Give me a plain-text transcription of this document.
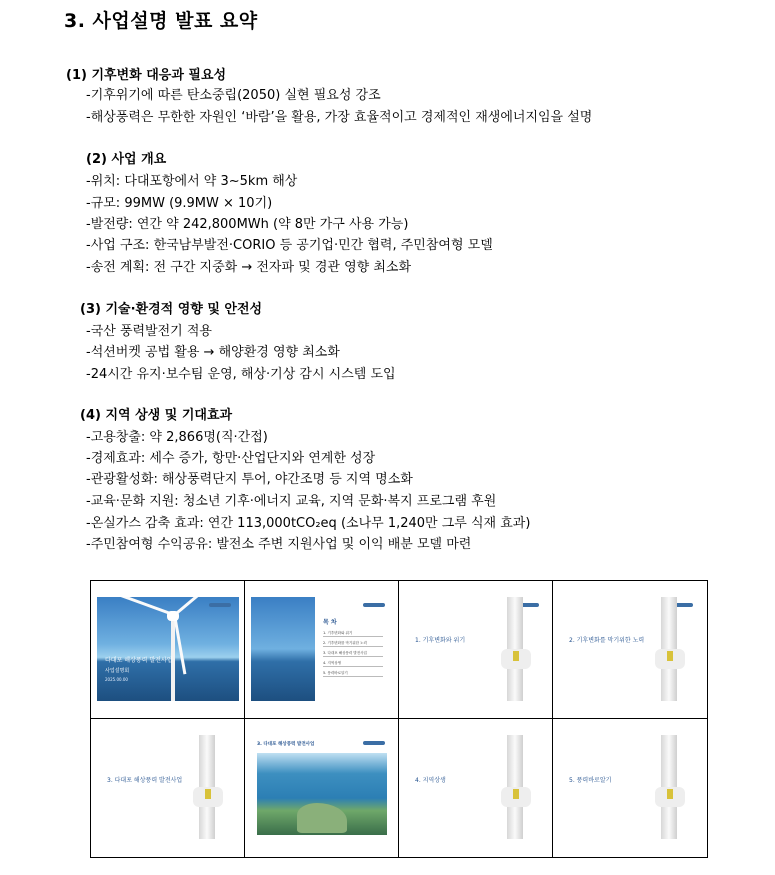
3. 사업설명 발표 요약
(1) 기후변화 대응과 필요성
-기후위기에 따른 탄소중립(2050) 실현 필요성 강조
-해상풍력은 무한한 자원인 ‘바람’을 활용, 가장 효율적이고 경제적인 재생에너지임을 설명
(2) 사업 개요
-위치: 다대포항에서 약 3~5km 해상
-규모: 99MW (9.9MW × 10기)
-발전량: 연간 약 242,800MWh (약 8만 가구 사용 가능)
-사업 구조: 한국남부발전·CORIO 등 공기업·민간 협력, 주민참여형 모델
-송전 계획: 전 구간 지중화 → 전자파 및 경관 영향 최소화
(3) 기술·환경적 영향 및 안전성
-국산 풍력발전기 적용
-석션버켓 공법 활용 → 해양환경 영향 최소화
-24시간 유지·보수팀 운영, 해상·기상 감시 시스템 도입
(4) 지역 상생 및 기대효과
-고용창출: 약 2,866명(직·간접)
-경제효과: 세수 증가, 항만·산업단지와 연계한 성장
-관광활성화: 해상풍력단지 투어, 야간조명 등 지역 명소화
-교육·문화 지원: 청소년 기후·에너지 교육, 지역 문화·복지 프로그램 후원
-온실가스 감축 효과: 연간 113,000tCO₂eq (소나무 1,240만 그루 식재 효과)
-주민참여형 수익공유: 발전소 주변 지원사업 및 이익 배분 모델 마련
다대포 해상풍력 발전사업
사업설명회
2025.00.00
목 차
1. 기후변화와 위기
2. 기후변화를 막기위한 노력
3. 다대포 해상풍력 발전사업
4. 지역상생
5. 풍력바로알기
1. 기후변화와 위기	2. 기후변화를 막기위한 노력
3. 다대포 해상풍력 발전사업
3. 다대포 해상풍력 발전사업
4. 지역상생	5. 풍력바로알기
